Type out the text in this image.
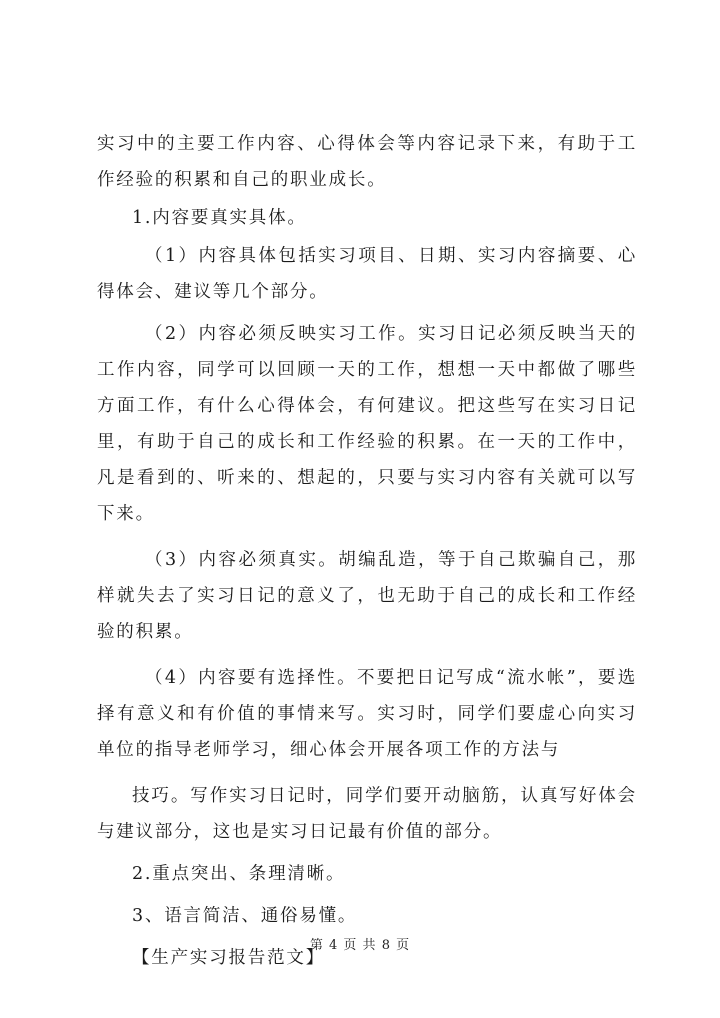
实习中的主要工作内容、心得体会等内容记录下来，有助于工作经验的积累和自己的职业成长。

1.内容要真实具体。

（1）内容具体包括实习项目、日期、实习内容摘要、心得体会、建议等几个部分。

（2）内容必须反映实习工作。实习日记必须反映当天的工作内容，同学可以回顾一天的工作，想想一天中都做了哪些方面工作，有什么心得体会，有何建议。把这些写在实习日记里，有助于自己的成长和工作经验的积累。在一天的工作中，凡是看到的、听来的、想起的，只要与实习内容有关就可以写下来。

（3）内容必须真实。胡编乱造，等于自己欺骗自己，那样就失去了实习日记的意义了，也无助于自己的成长和工作经验的积累。

（4）内容要有选择性。不要把日记写成“流水帐”，要选择有意义和有价值的事情来写。实习时，同学们要虚心向实习单位的指导老师学习，细心体会开展各项工作的方法与

技巧。写作实习日记时，同学们要开动脑筋，认真写好体会与建议部分，这也是实习日记最有价值的部分。

2.重点突出、条理清晰。

3、语言简洁、通俗易懂。

【生产实习报告范文】

第 4 页 共 8 页
